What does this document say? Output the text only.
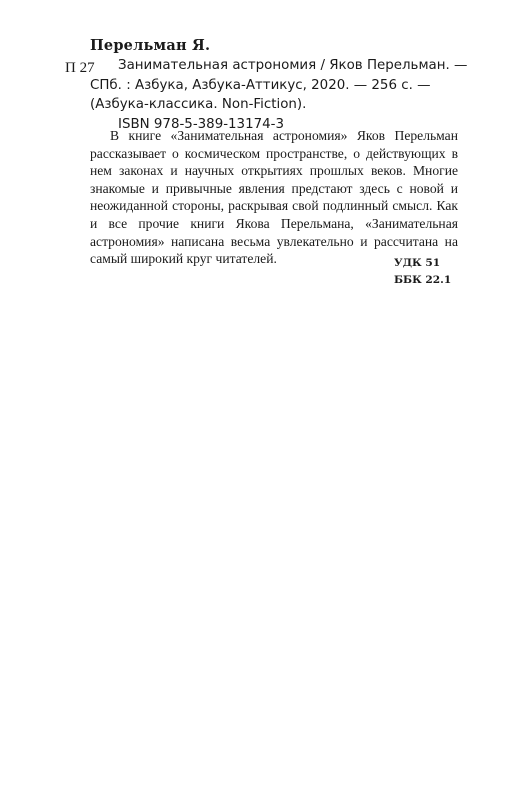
Перельман Я.
П 27	Занимательная астрономия / Яков Перельман. —
СПб. : Азбука, Азбука-Аттикус, 2020. — 256 с. —
(Азбука-классика. Non-Fiction).
ISBN 978-5-389-13174-3
В книге «Занимательная астрономия» Яков Перельман рассказывает о космическом пространстве, о действующих в нем законах и научных открытиях прошлых веков. Многие знакомые и привычные явления предстают здесь с новой и неожиданной стороны, раскрывая свой подлинный смысл. Как и все прочие книги Якова Перельмана, «Занимательная астрономия» написана весьма увлекательно и рассчитана на самый широкий круг читателей.	УДК 51
ББК 22.1
